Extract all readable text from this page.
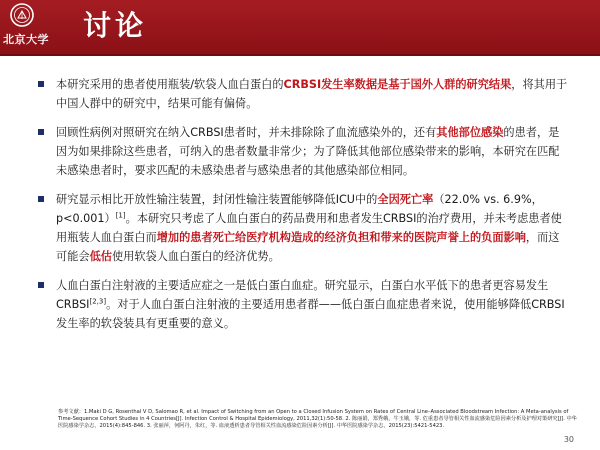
北京大学	讨论
本研究采用的患者使用瓶装/软袋人血白蛋白的CRBSI发生率数据是基于国外人群的研究结果，将其用于中国人群中的研究中，结果可能有偏倚。
回顾性病例对照研究在纳入CRBSI患者时，并未排除除了血流感染外的，还有其他部位感染的患者，是因为如果排除这些患者，可纳入的患者数量非常少；为了降低其他部位感染带来的影响，本研究在匹配未感染患者时，要求匹配的未感染患者与感染患者的其他感染部位相同。
研究显示相比开放性输注装置，封闭性输注装置能够降低ICU中的全因死亡率（22.0% vs. 6.9%，p<0.001）[1]。本研究只考虑了人血白蛋白的药品费用和患者发生CRBSI的治疗费用，并未考虑患者使用瓶装人血白蛋白而增加的患者死亡给医疗机构造成的经济负担和带来的医院声誉上的负面影响，而这可能会低估使用软袋人血白蛋白的经济优势。
人血白蛋白注射液的主要适应症之一是低白蛋白血症。研究显示，白蛋白水平低下的患者更容易发生CRBSI[2,3]。对于人血白蛋白注射液的主要适用患者群——低白蛋白血症患者来说，使用能够降低CRBSI发生率的软袋装具有更重要的意义。
参考文献：1.Maki D G, Rosenthal V D, Salomao R, et al. Impact of Switching from an Open to a Closed Infusion System on Rates of Central Line–Associated Bloodstream Infection: A Meta-analysis of Time-Sequence Cohort Studies in 4 Countries[J]. Infection Control & Hospital Epidemiology, 2011,32(1):50-58. 2. 陈丽娟，郑秀娥，牛玉娥，等. 危重患者导管相关性血流感染危险因素分析及护理对策研究[J]. 中华医院感染学杂志，2015(4):845-846. 3. 张丽萍，何阿丹，朱红，等. 血液透析患者导管相关性血流感染危险因素分析[J]. 中华医院感染学杂志，2015(23):5421-5423.
30
